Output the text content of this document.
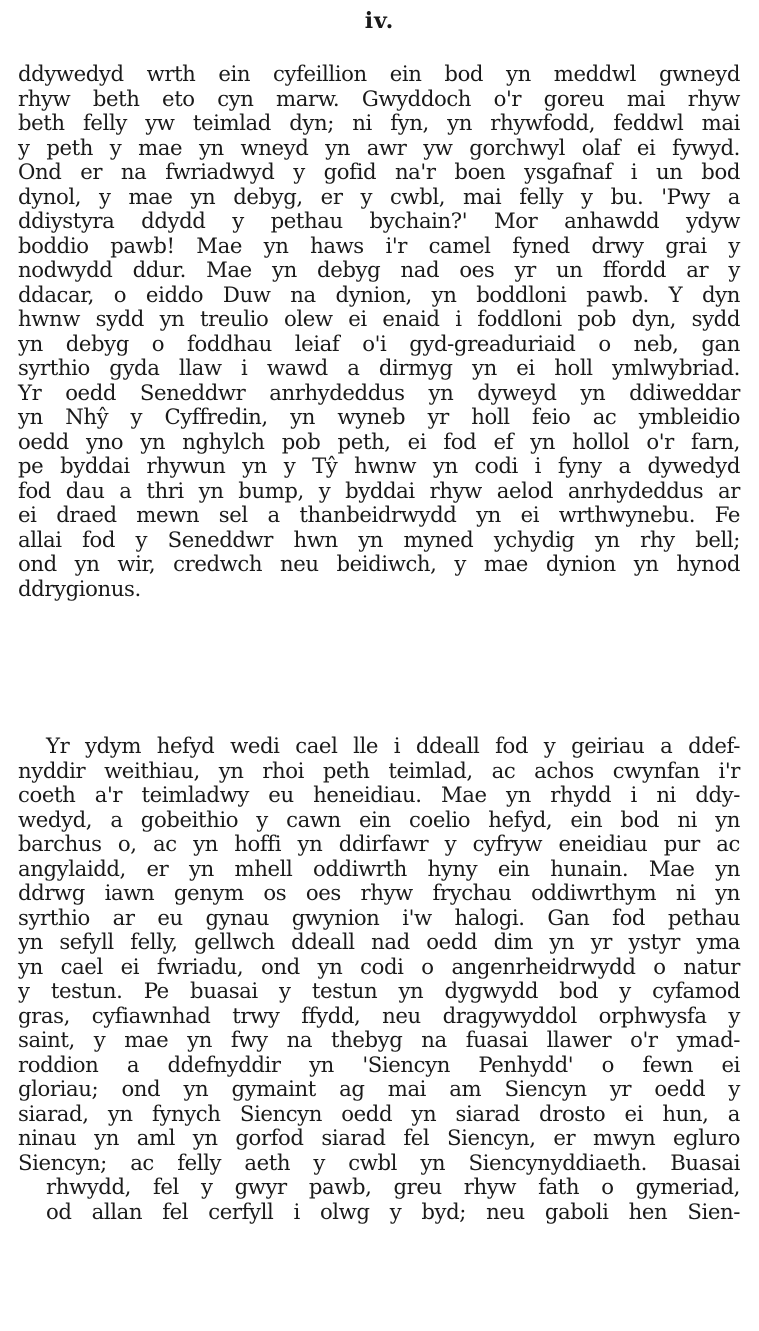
iv.
ddywedyd wrth ein cyfeillion ein bod yn meddwl gwneyd
rhyw beth eto cyn marw. Gwyddoch o'r goreu mai rhyw
beth felly yw teimlad dyn; ni fyn, yn rhywfodd, feddwl mai
y peth y mae yn wneyd yn awr yw gorchwyl olaf ei fywyd.
Ond er na fwriadwyd y gofid na'r boen ysgafnaf i un bod
dynol, y mae yn debyg, er y cwbl, mai felly y bu. 'Pwy a
ddiystyra ddydd y pethau bychain?' Mor anhawdd ydyw
boddio pawb! Mae yn haws i'r camel fyned drwy grai y
nodwydd ddur. Mae yn debyg nad oes yr un ffordd ar y
ddacar, o eiddo Duw na dynion, yn boddloni pawb. Y dyn
hwnw sydd yn treulio olew ei enaid i foddloni pob dyn, sydd
yn debyg o foddhau leiaf o'i gyd-greaduriaid o neb, gan
syrthio gyda llaw i wawd a dirmyg yn ei holl ymlwybriad.
Yr oedd Seneddwr anrhydeddus yn dyweyd yn ddiweddar
yn Nhŷ y Cyffredin, yn wyneb yr holl feio ac ymbleidio
oedd yno yn nghylch pob peth, ei fod ef yn hollol o'r farn,
pe byddai rhywun yn y Tŷ hwnw yn codi i fyny a dywedyd
fod dau a thri yn bump, y byddai rhyw aelod anrhydeddus ar
ei draed mewn sel a thanbeidrwydd yn ei wrthwynebu. Fe
allai fod y Seneddwr hwn yn myned ychydig yn rhy bell;
ond yn wir, credwch neu beidiwch, y mae dynion yn hynod
ddrygionus.
Yr ydym hefyd wedi cael lle i ddeall fod y geiriau a ddef-
nyddir weithiau, yn rhoi peth teimlad, ac achos cwynfan i'r
coeth a'r teimladwy eu heneidiau. Mae yn rhydd i ni ddy-
wedyd, a gobeithio y cawn ein coelio hefyd, ein bod ni yn
barchus o, ac yn hoffi yn ddirfawr y cyfryw eneidiau pur ac
angylaidd, er yn mhell oddiwrth hyny ein hunain. Mae yn
ddrwg iawn genym os oes rhyw frychau oddiwrthym ni yn
syrthio ar eu gynau gwynion i'w halogi. Gan fod pethau
yn sefyll felly, gellwch ddeall nad oedd dim yn yr ystyr yma
yn cael ei fwriadu, ond yn codi o angenrheidrwydd o natur
y testun. Pe buasai y testun yn dygwydd bod y cyfamod
gras, cyfiawnhad trwy ffydd, neu dragywyddol orphwysfa y
saint, y mae yn fwy na thebyg na fuasai llawer o'r ymad-
roddion a ddefnyddir yn 'Siencyn Penhydd' o fewn ei
gloriau; ond yn gymaint ag mai am Siencyn yr oedd y
siarad, yn fynych Siencyn oedd yn siarad drosto ei hun, a
ninau yn aml yn gorfod siarad fel Siencyn, er mwyn egluro
Siencyn; ac felly aeth y cwbl yn Siencynyddiaeth. Buasai
rhwydd, fel y gwyr pawb, greu rhyw fath o gymeriad,
od allan fel cerfyll i olwg y byd; neu gaboli hen Sien-
